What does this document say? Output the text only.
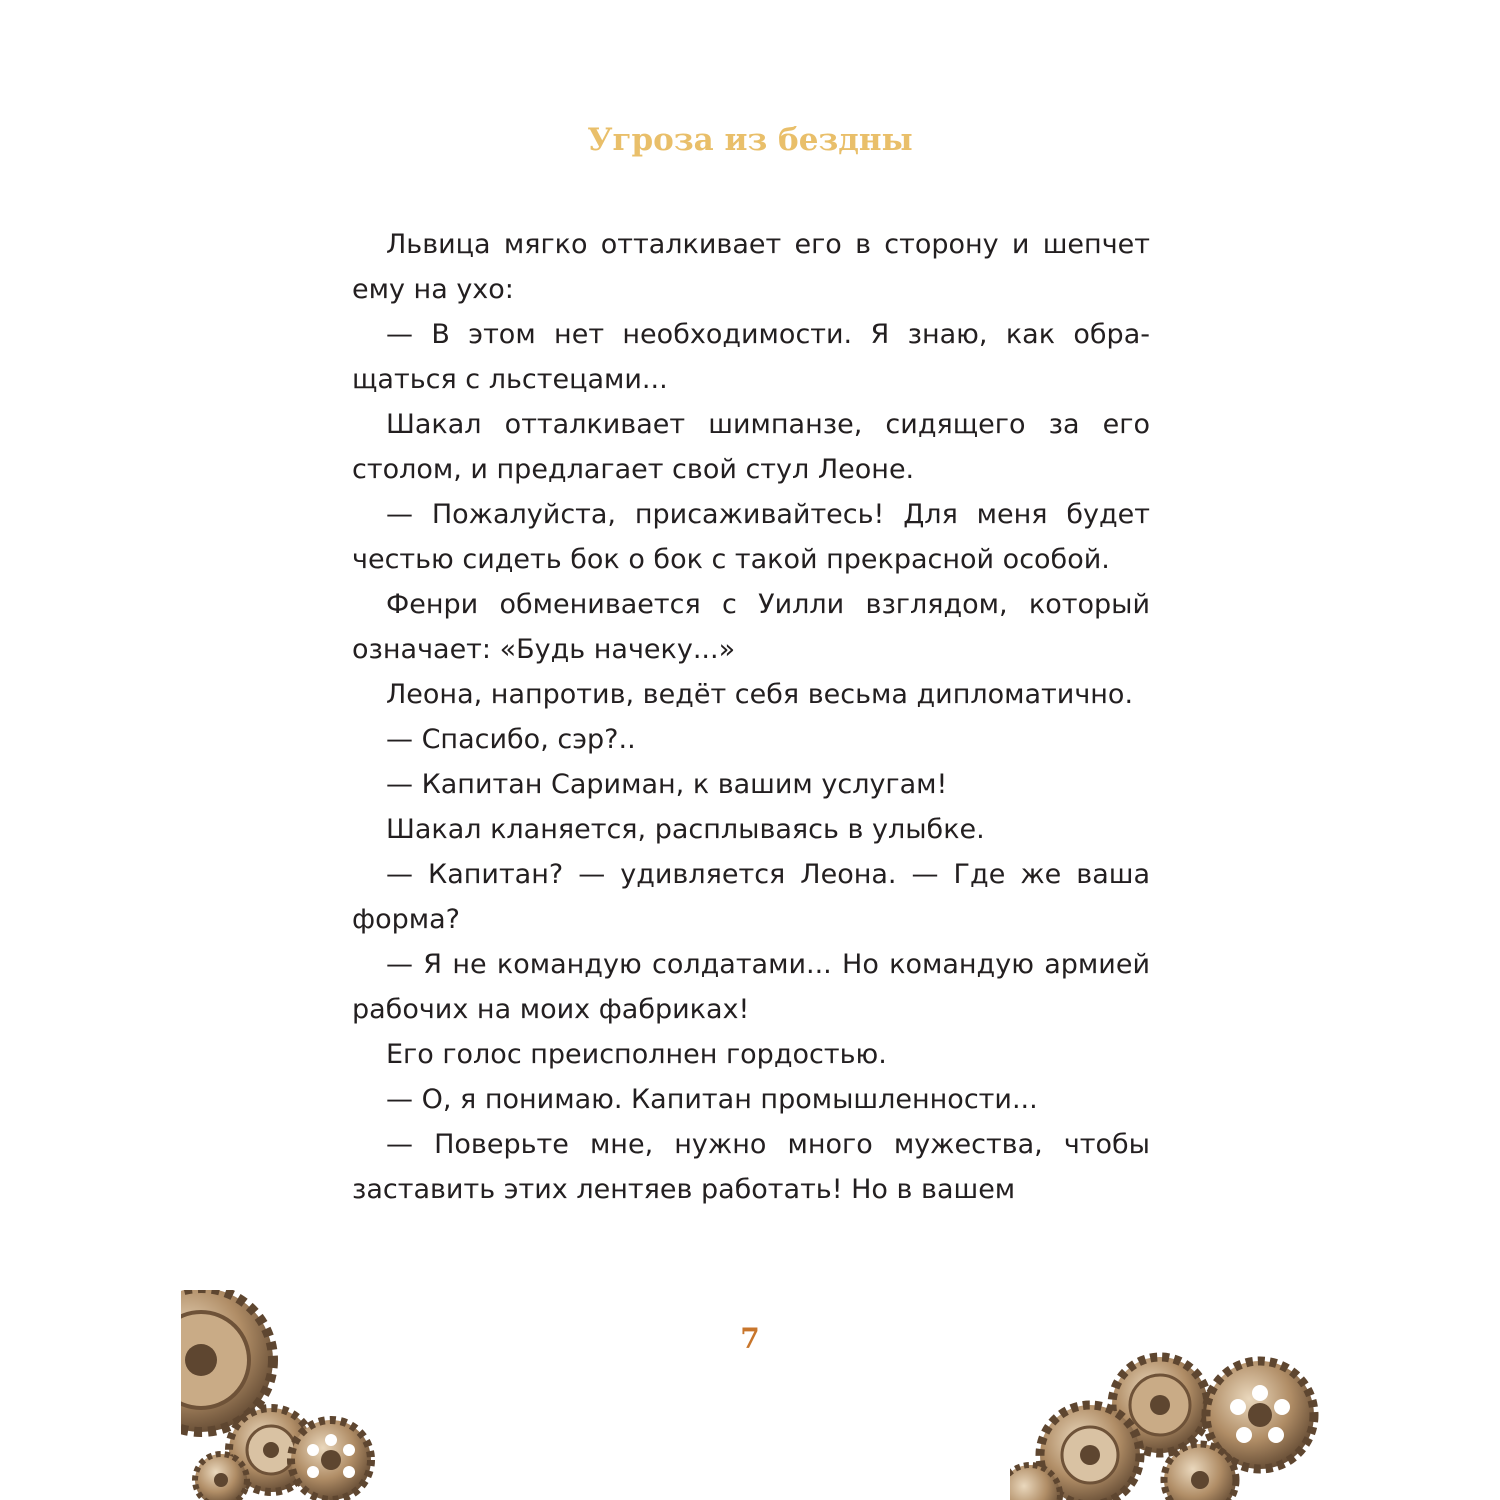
Угроза из бездны

Львица мягко отталкивает его в сторону и шепчет ему на ухо:

— В этом нет необходимости. Я знаю, как обращаться с льстецами...

Шакал отталкивает шимпанзе, сидящего за его столом, и предлагает свой стул Леоне.

— Пожалуйста, присаживайтесь! Для меня будет честью сидеть бок о бок с такой прекрасной особой.

Фенри обменивается с Уилли взглядом, который означает: «Будь начеку...»

Леона, напротив, ведёт себя весьма дипломатично.

— Спасибо, сэр?..

— Капитан Сариман, к вашим услугам!

Шакал кланяется, расплываясь в улыбке.

— Капитан? — удивляется Леона. — Где же ваша форма?

— Я не командую солдатами... Но командую армией рабочих на моих фабриках!

Его голос преисполнен гордостью.

— О, я понимаю. Капитан промышленности...

— Поверьте мне, нужно много мужества, чтобы заставить этих лентяев работать! Но в вашем

7
